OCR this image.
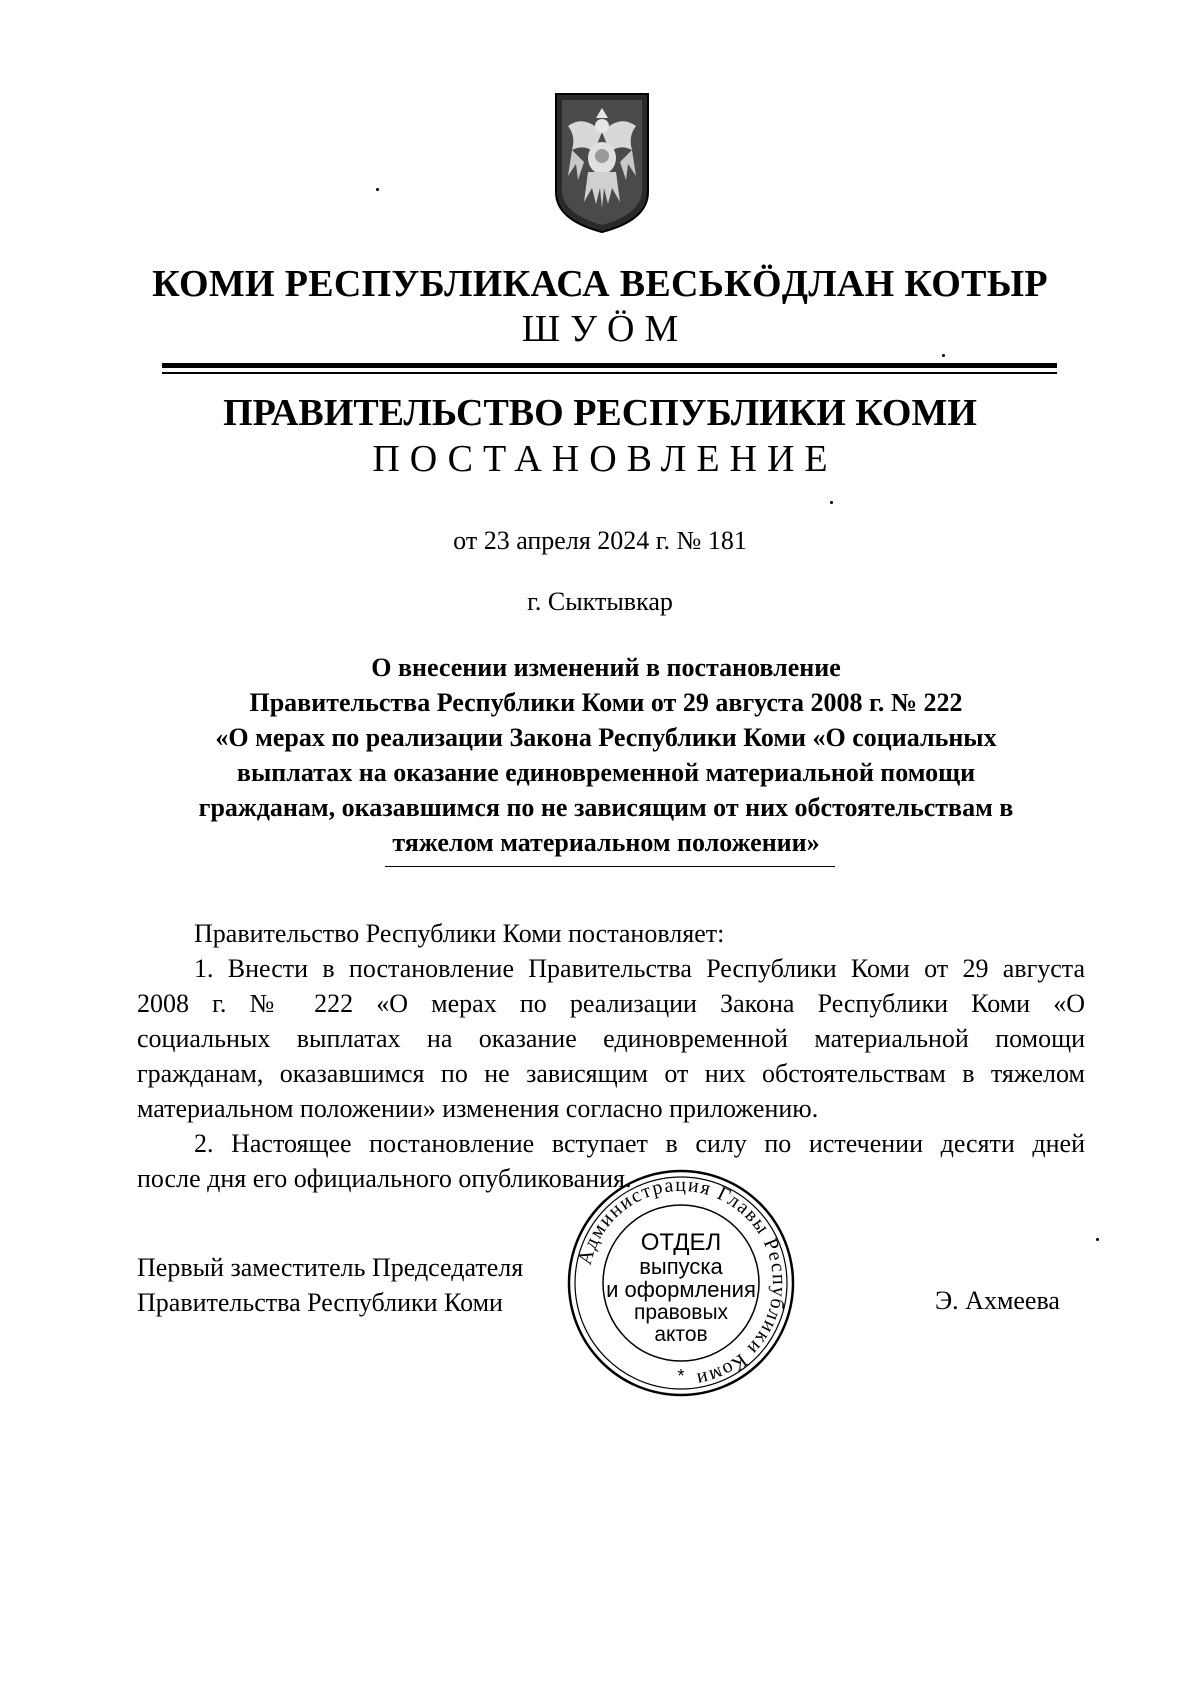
КОМИ РЕСПУБЛИКАСА ВЕСЬКӦДЛАН КОТЫР
ШУӦМ
ПРАВИТЕЛЬСТВО РЕСПУБЛИКИ КОМИ
ПОСТАНОВЛЕНИЕ
от 23 апреля 2024 г. № 181
г. Сыктывкар
О внесении изменений в постановление
Правительства Республики Коми от 29 августа 2008 г. № 222
«О мерах по реализации Закона Республики Коми «О социальных
выплатах на оказание единовременной материальной помощи
гражданам, оказавшимся по не зависящим от них обстоятельствам в
тяжелом материальном положении»

Правительство Республики Коми постановляет:

1. Внести в постановление Правительства Республики Коми от 29 августа
2008 г. № 222 «О мерах по реализации Закона Республики Коми «О
социальных выплатах на оказание единовременной материальной помощи
гражданам, оказавшимся по не зависящим от них обстоятельствам в тяжелом
материальном положении» изменения согласно приложению.
2. Настоящее постановление вступает в силу по истечении десяти дней
после дня его официального опубликования.
Первый заместитель Председателя
Правительства Республики Коми	Э. Ахмеева
Администрация Главы Республики Коми
ОТДЕЛ
выпуска
и оформления
правовых
актов
*
